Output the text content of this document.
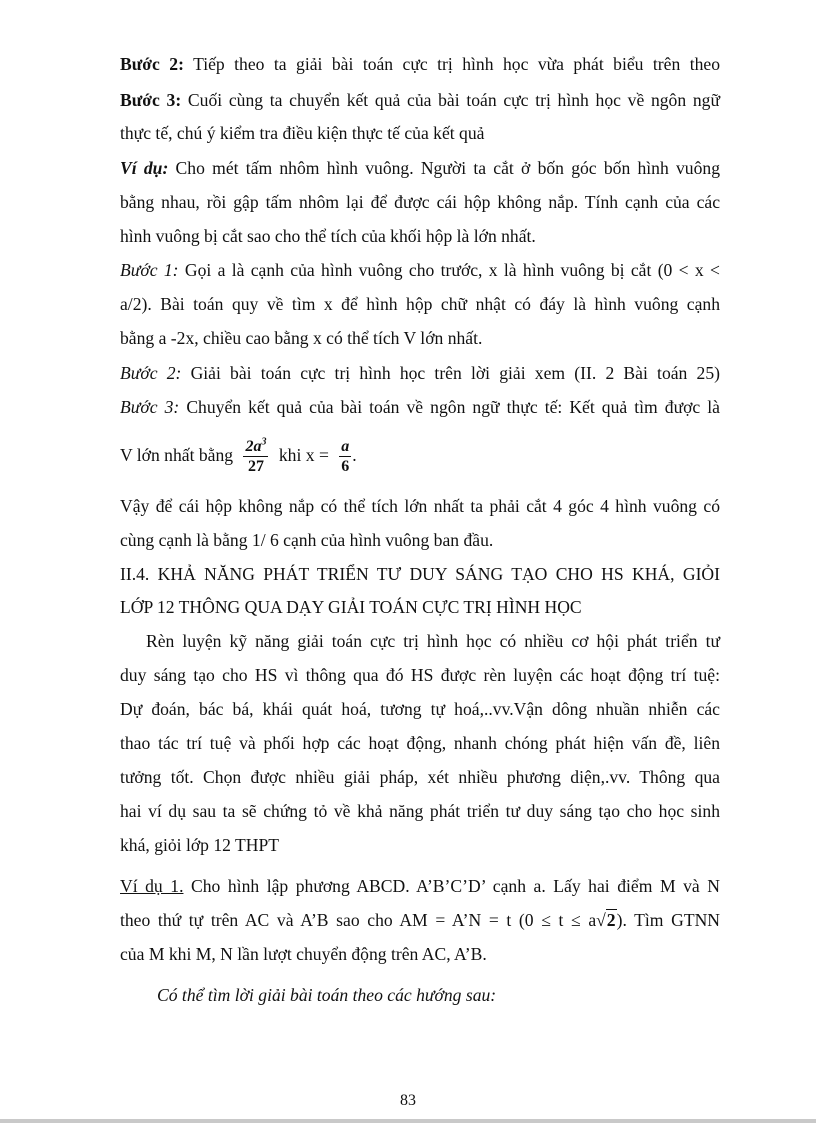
Bước 2: Tiếp theo ta giải bài toán cực trị hình học vừa phát biểu trên theo
Bước 3: Cuối cùng ta chuyển kết quả của bài toán cực trị hình học về ngôn ngữ
thực tế, chú ý kiểm tra điều kiện thực tế của kết quả
Ví dụ: Cho mét tấm nhôm hình vuông. Người ta cắt ở bốn góc bốn hình vuông
bằng nhau, rồi gập tấm nhôm lại để được cái hộp không nắp. Tính cạnh của các
hình vuông bị cắt sao cho thể tích của khối hộp là lớn nhất.
Bước 1: Gọi a là cạnh của hình vuông cho trước, x là hình vuông bị cắt (0 < x <
a/2). Bài toán quy về tìm x để hình hộp chữ nhật có đáy là hình vuông cạnh
bằng a -2x, chiều cao bằng x có thể tích V lớn nhất.
Bước 2: Giải bài toán cực trị hình học trên lời giải xem (II. 2 Bài toán 25)
Bước 3: Chuyển kết quả của bài toán về ngôn ngữ thực tế: Kết quả tìm được là
V lớn nhất bằng $\frac{2a^3}{27}$ khi $x = \frac{a}{6}$ .
Vậy để cái hộp không nắp có thể tích lớn nhất ta phải cắt 4 góc 4 hình vuông có
cùng cạnh là bằng 1/ 6 cạnh của hình vuông ban đầu.
II.4. KHẢ NĂNG PHÁT TRIỂN TƯ DUY SÁNG TẠO CHO HS KHÁ, GIỎI
LỚP 12 THÔNG QUA DẠY GIẢI TOÁN CỰC TRỊ HÌNH HỌC
Rèn luyện kỹ năng giải toán cực trị hình học có nhiều cơ hội phát triển tư
duy sáng tạo cho HS vì thông qua đó HS được rèn luyện các hoạt động trí tuệ:
Dự đoán, bác bá, khái quát hoá, tương tự hoá,..vv.Vận dông nhuần nhiễn các
thao tác trí tuệ và phối hợp các hoạt động, nhanh chóng phát hiện vấn đề, liên
tưởng tốt. Chọn được nhiều giải pháp, xét nhiều phương diện,.vv. Thông qua
hai ví dụ sau ta sẽ chứng tỏ về khả năng phát triển tư duy sáng tạo cho học sinh
khá, giỏi lớp 12 THPT
Ví dụ 1. Cho hình lập phương ABCD. A’B’C’D’ cạnh a. Lấy hai điểm M và N
theo thứ tự trên AC và A’B sao cho AM = A’N = t (0 ≤ t ≤ a√2). Tìm GTNN
của M khi M, N lần lượt chuyển động trên AC, A’B.
Có thể tìm lời giải bài toán theo các hướng sau:
83
